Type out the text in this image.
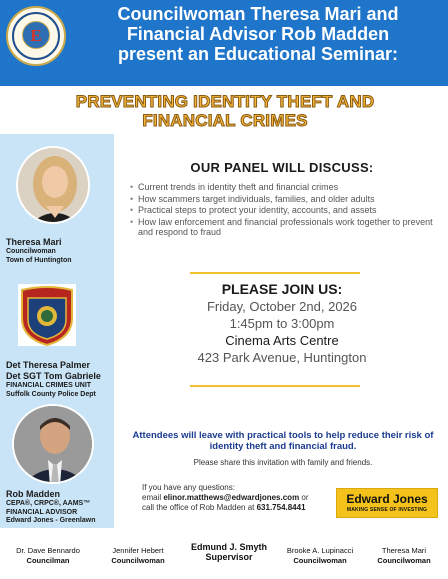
E
Councilwoman Theresa Mari and
Financial Advisor Rob Madden
present an Educational Seminar:
PREVENTING IDENTITY THEFT AND
FINANCIAL CRIMES
Theresa Mari
Councilwoman
Town of Huntington
Det Theresa Palmer
Det SGT Tom Gabriele
FINANCIAL CRIMES UNIT
Suffolk County Police Dept
Rob Madden
CEPA®, CRPC®, AAMS™
FINANCIAL ADVISOR
Edward Jones - Greenlawn
OUR PANEL WILL DISCUSS:
• Current trends in identity theft and financial crimes
• How scammers target individuals, families, and older adults
• Practical steps to protect your identity, accounts, and assets
• How law enforcement and financial professionals work together to prevent and respond to fraud
PLEASE JOIN US:
Friday, October 2nd, 2026
1:45pm to 3:00pm
Cinema Arts Centre
423 Park Avenue, Huntington
Attendees will leave with practical tools to help reduce their risk of identity theft and financial fraud.
Please share this invitation with family and friends.
If you have any questions:
email elinor.matthews@edwardjones.com or
call the office of Rob Madden at 631.754.8441
Edward Jones
MAKING SENSE OF INVESTING
Dr. Dave Bennardo
Councilman
Jennifer Hebert
Councilwoman
Edmund J. Smyth
Supervisor
Brooke A. Lupinacci
Councilwoman
Theresa Mari
Councilwoman
